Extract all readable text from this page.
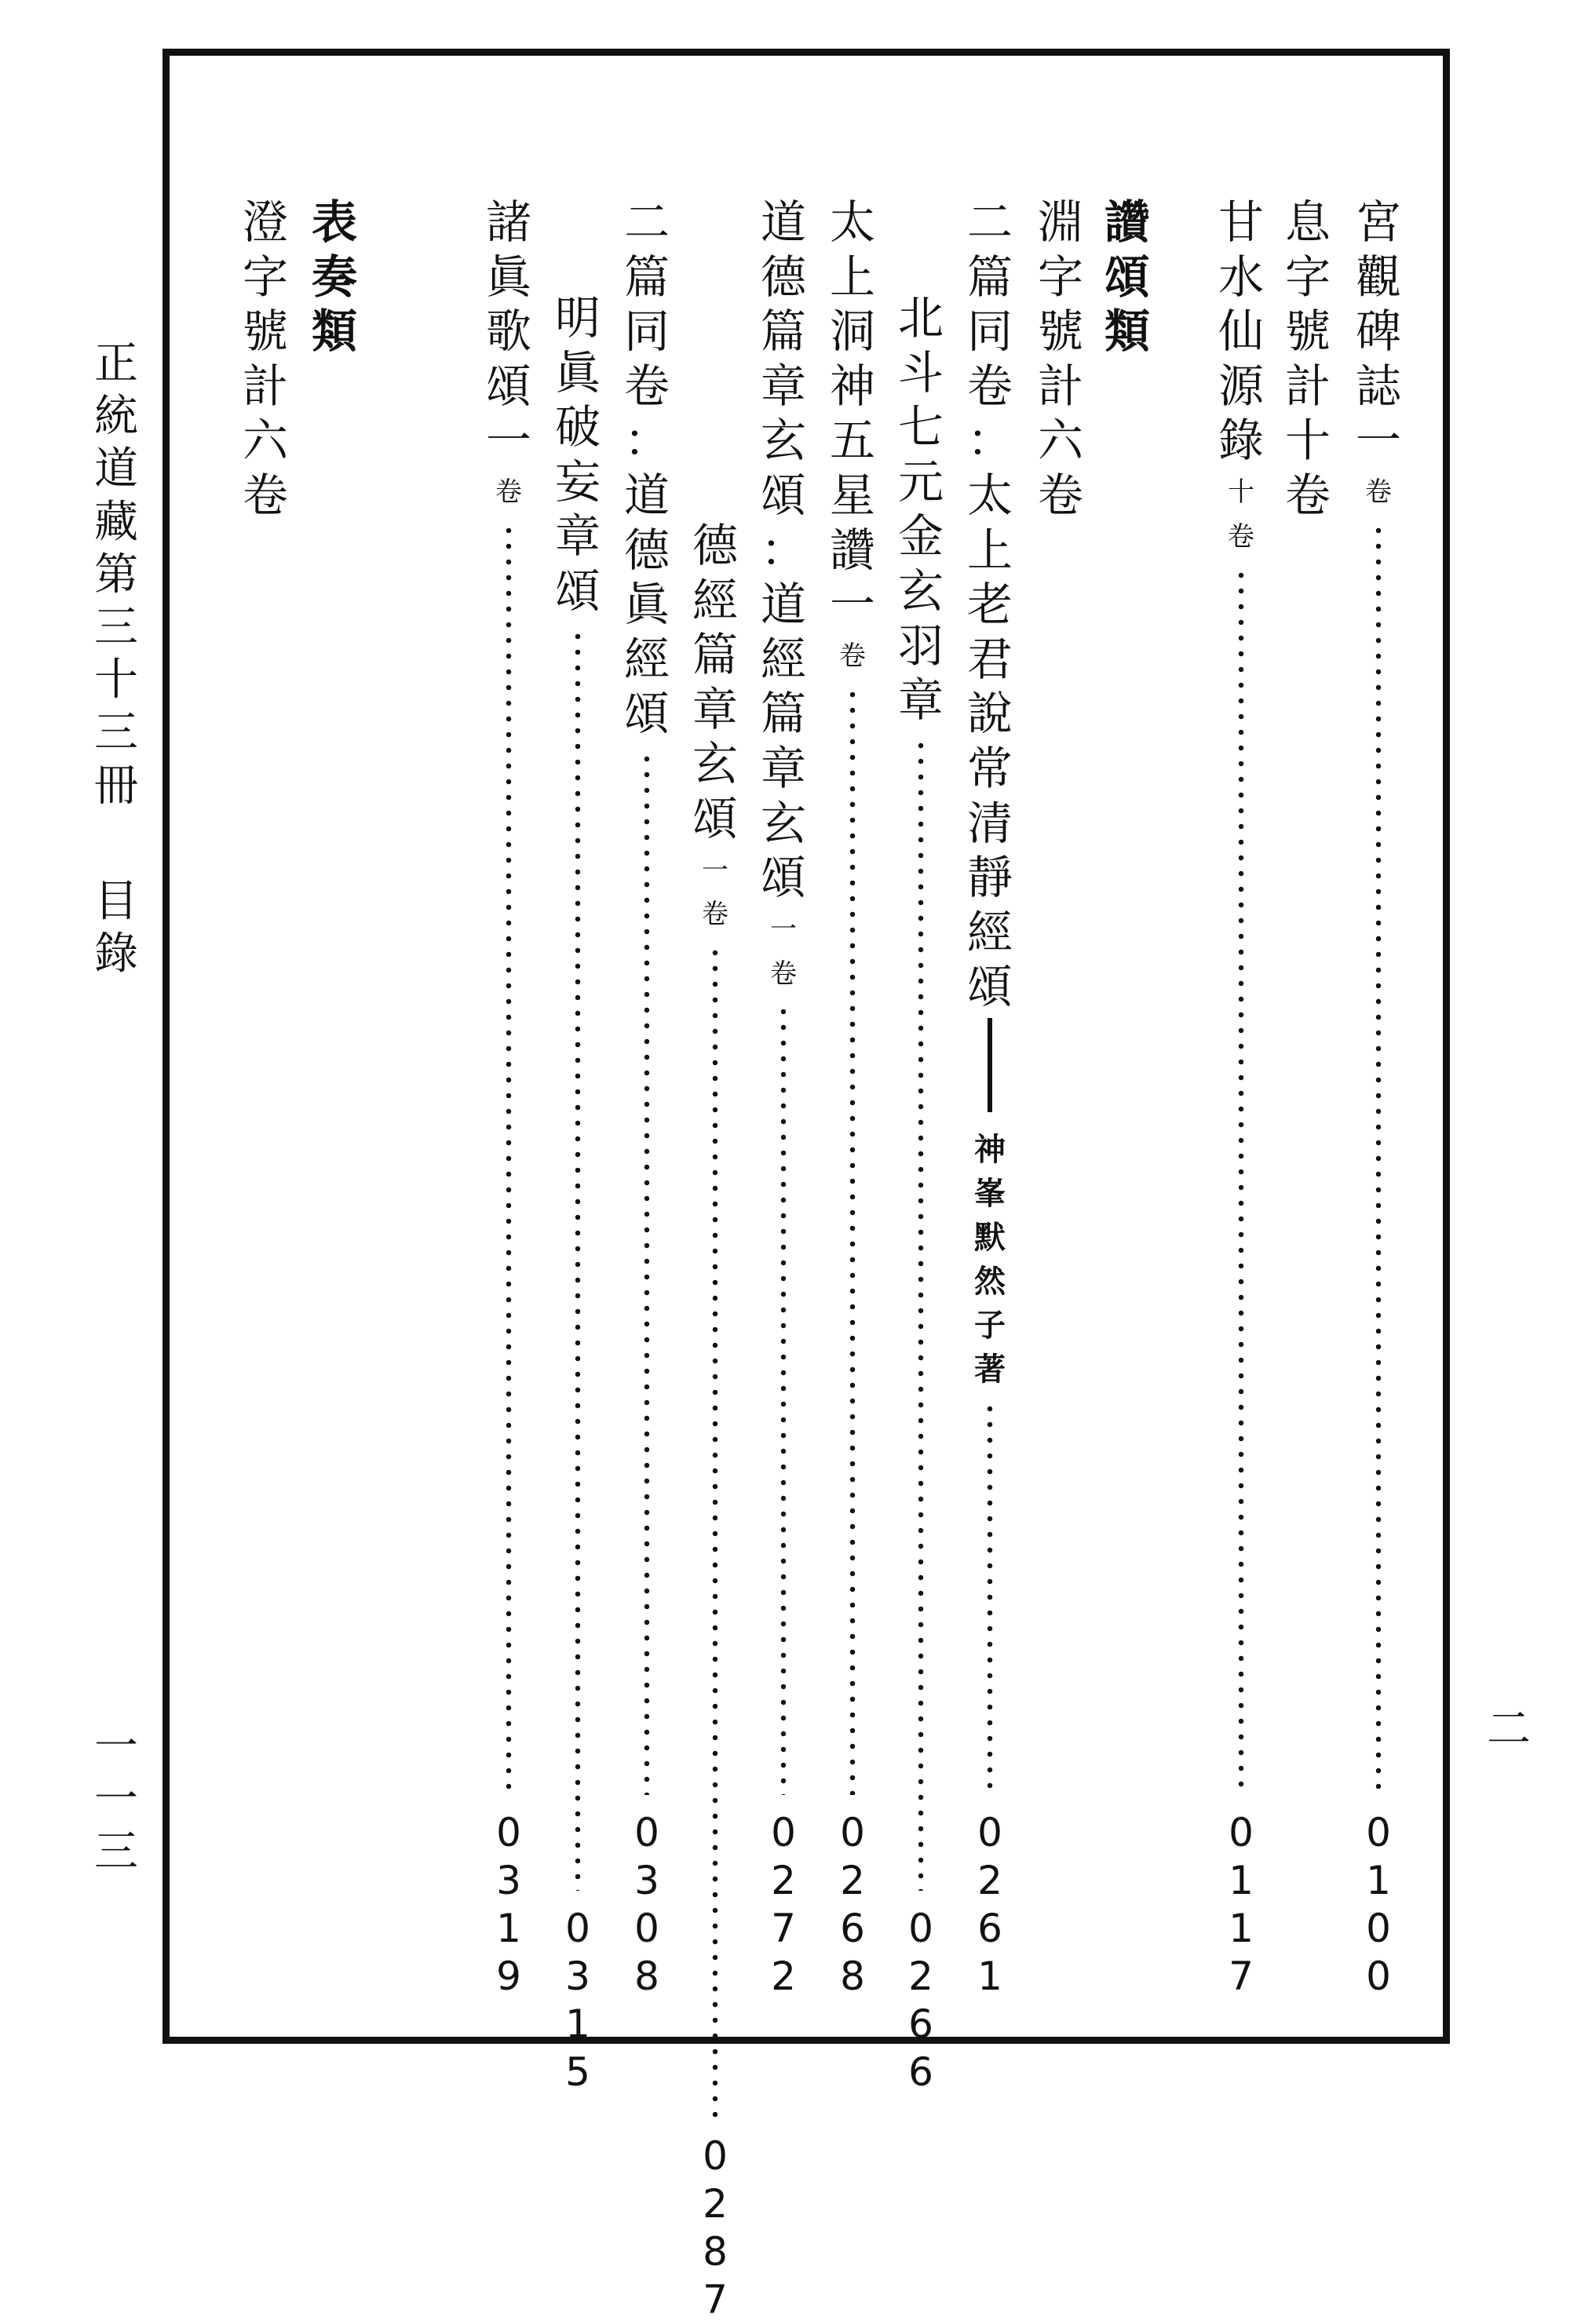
正
統
道
藏
第
三
十
三
冊
目
錄
一
一
三
二
宮
觀
碑
誌
一
卷
0
1
0
0
息
字
號
計
十
卷
甘
水
仙
源
錄
十
卷
0
1
1
7
讚
頌
類
淵
字
號
計
六
卷
二
篇
同
卷
：
太
上
老
君
說
常
清
靜
經
頌
神
峯
默
然
子
著
0
2
6
1
北
斗
七
元
金
玄
羽
章
0
2
6
6
太
上
洞
神
五
星
讚
一
卷
0
2
6
8
道
德
篇
章
玄
頌
：
道
經
篇
章
玄
頌
一
卷
0
2
7
2
德
經
篇
章
玄
頌
一
卷
0
2
8
7
二
篇
同
卷
：
道
德
眞
經
頌
0
3
0
8
明
眞
破
妄
章
頌
0
3
1
5
諸
眞
歌
頌
一
卷
0
3
1
9
表
奏
類
澄
字
號
計
六
卷
